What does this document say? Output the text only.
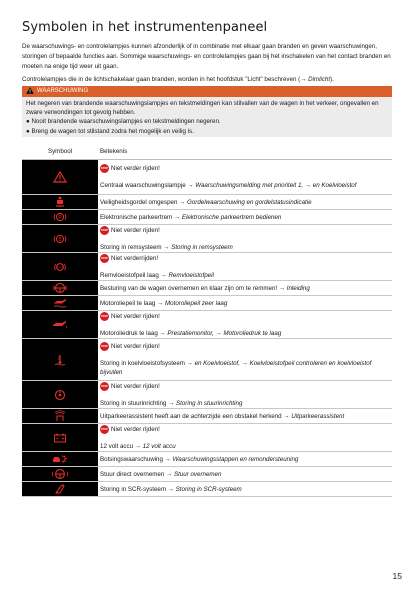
Symbolen in het instrumentenpaneel

De waarschuwings- en controlelampjes kunnen afzonderlijk of in combinatie met elkaar gaan branden en geven waarschuwingen, storingen of bepaalde functies aan. Sommige waarschuwings- en controlelampjes gaan bij het inschakelen van het contact branden en moeten na enige tijd weer uit gaan.

Controlelampjes die in de lichtschakelaar gaan branden, worden in het hoofdstuk "Licht" beschreven (→ Dimlicht).

WAARSCHUWING

Het negeren van brandende waarschuwingslampjes en tekstmeldingen kan stilvallen van de wagen in het verkeer, ongevallen en zware verwondingen tot gevolg hebben.

● Nooit brandende waarschuwingslampjes en tekstmeldingen negeren.

● Breng de wagen tot stilstand zodra het mogelijk en veilig is.

Symbool	Betekenis
STOP Niet verder rijden!
Centraal waarschuwingslampje → Waarschuwingsmelding met prioriteit 1, → en Koelvloeistof
Veiligheidsgordel omgespen → Gordelwaarschuwing en gordelstatusindicatie
P	Elektronische parkeertrem → Elektronische parkeertrem bedienen
STOP Niet verder rijden!
Storing in remsysteem → Storing in remsysteem
STOP Niet verderrijden!
Remvloeistofpeil laag → Remvloeistofpeil
Besturing van de wagen overnemen en klaar zijn om te remmen! → Inleiding
Motoroliepeil te laag → Motoroliepeil zeer laag
STOP Niet verder rijden!
Motoroliedruk te laag → Prestatiemonitor, → Motoroliedruk te laag
STOP Niet verder rijden!
Storing in koelvloeistofsysteem → en Koelvloeistof, → Koelvloeistofpeil controleren en koelvloeistof bijvullen
STOP Niet verder rijden!
Storing in stuurinrichting → Storing in stuurinrichting
Uitparkeerassistent heeft aan de achterzijde een obstakel herkend → Uitparkeerassistent
STOP Niet verder rijden!
12 volt accu → 12 volt accu
Botsingswaarschuwing → Waarschuwingsstappen en remondersteuning
Stuur direct overnemen → Stuur overnemen
Storing in SCR-systeem → Storing in SCR-systeem
15
